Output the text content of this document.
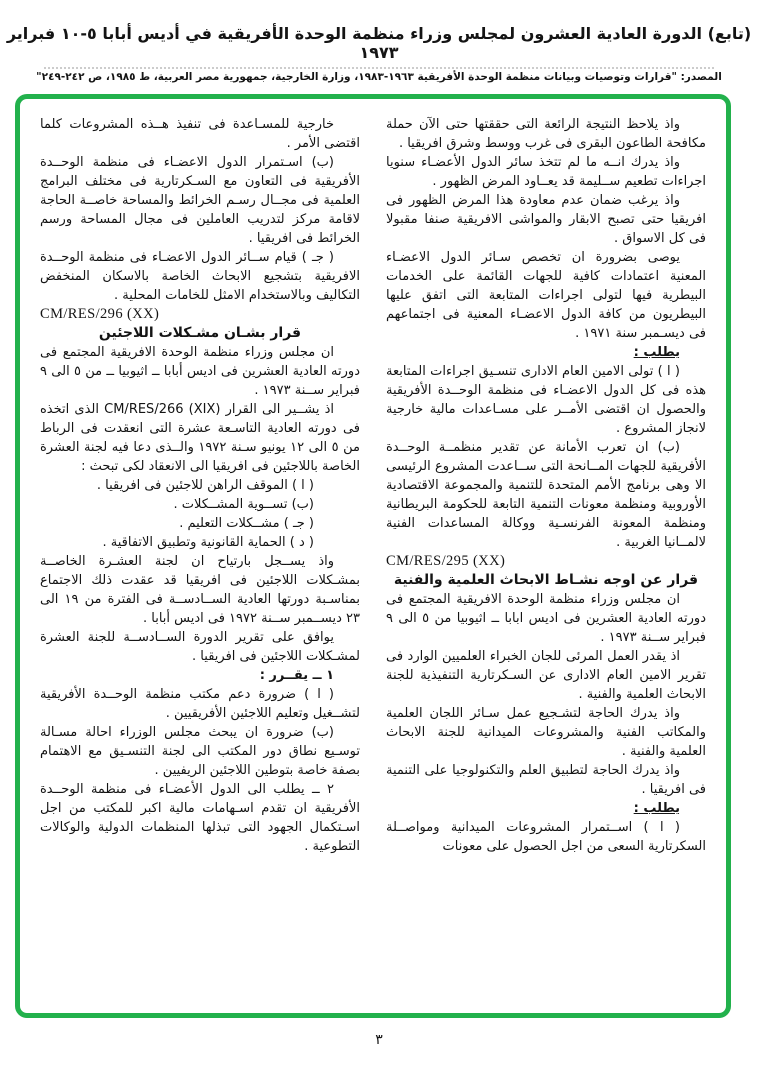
(تابع) الدورة العادية العشرون لمجلس وزراء منظمة الوحدة الأفريقية في أديس أبابا ٥-١٠ فبراير ١٩٧٣
المصدر: "قرارات وتوصيات وبيانات منظمة الوحدة الأفريقية ١٩٦٣-١٩٨٣، وزارة الخارجية، جمهورية مصر العربية، ط ١٩٨٥، ص ٢٤٢-٢٤٩"

واذ يلاحظ النتيجة الرائعة التى حققتها حتى الآن حملة مكافحة الطاعون البقرى فى غرب ووسط وشرق افريقيا .

واذ يدرك انــه ما لم تتخذ سائر الدول الأعضـاء سنويا اجراءات تطعيم ســليمة قد يعــاود المرض الظهور .

واذ يرغب ضمان عدم معاودة هذا المرض الظهور فى افريقيا حتى تصبح الابقار والمواشى الافريقية صنفا مقبولا فى كل الاسواق .

يوصى بضرورة ان تخصص سـائر الدول الاعضـاء المعنية اعتمادات كافية للجهات القائمة على الخدمات البيطرية فيها لتولى اجراءات المتابعة التى اتفق عليها البيطريون من كافة الدول الاعضـاء المعنية فى اجتماعهم فى ديسـمبر سنة ١٩٧١ .

يطلب :

( ا ) تولى الامين العام الادارى تنسـيق اجراءات المتابعة هذه فى كل الدول الاعضـاء فى منظمة الوحــدة الأفريقية والحصول ان اقتضى الأمــر على مسـاعدات مالية خارجية لانجاز المشروع .

(ب) ان تعرب الأمانة عن تقدير منظمــة الوحــدة الأفريقية للجهات المــانحة التى ســاعدت المشروع الرئيسى الا وهى برنامج الأمم المتحدة للتنمية والمجموعة الاقتصادية الأوروبية ومنظمة معونات التنمية التابعة للحكومة البريطانية ومنظمة المعونة الفرنسـية ووكالة المساعدات الفنية لالمــانيا الغربية .

CM/RES/295 (XX)
قرار عن اوجه نشـاط الابحاث العلمية والفنية

ان مجلس وزراء منظمة الوحدة الافريقية المجتمع فى دورته العادية العشرين فى اديس ابابا ــ اثيوبيا من ٥ الى ٩ فبراير ســنة ١٩٧٣ .

اذ يقدر العمل المرئى للجان الخبراء العلميين الوارد فى تقرير الامين العام الادارى عن السـكرتارية التنفيذية للجنة الابحاث العلمية والفنية .

واذ يدرك الحاجة لتشـجيع عمل سـائر اللجان العلمية والمكاتب الفنية والمشروعات الميدانية للجنة الابحاث العلمية والفنية .

واذ يدرك الحاجة لتطبيق العلم والتكنولوجيا على التنمية فى افريقيا .

يطلب :

( ا ) اســتمرار المشروعات الميدانية ومواصــلة السكرتارية السعى من اجل الحصول على معونات

خارجية للمسـاعدة فى تنفيذ هــذه المشروعات كلما اقتضى الأمر .

(ب) اسـتمرار الدول الاعضـاء فى منظمة الوحــدة الأفريقية فى التعاون مع السـكرتارية فى مختلف البرامج العلمية فى مجــال رسـم الخرائط والمساحة خاصــة الحاجة لاقامة مركز لتدريب العاملين فى مجال المساحة ورسم الخرائط فى افريقيا .

( جـ ) قيام ســائر الدول الاعضـاء فى منظمة الوحــدة الافريقية بتشجيع الابحاث الخاصة بالاسكان المنخفض التكاليف وبالاستخدام الامثل للخامات المحلية .

CM/RES/296 (XX)
قرار بشـان مشـكلات اللاجئين

ان مجلس وزراء منظمة الوحدة الافريقية المجتمع فى دورته العادية العشرين فى اديس أبابا ــ اثيوبيا ــ من ٥ الى ٩ فبراير ســنة ١٩٧٣ .

اذ يشــير الى القرار ‎CM/RES/266 (XIX)‎ الذى اتخذه فى دورته العادية التاسـعة عشرة التى انعقدت فى الرباط من ٥ الى ١٢ يونيو سـنة ١٩٧٢ والــذى دعا فيه لجنة العشرة الخاصة باللاجئين فى افريقيا الى الانعقاد لكى تبحث :

( ا ) الموقف الراهن للاجئين فى افريقيا .

(ب) تســوية المشــكلات .

( جـ ) مشــكلات التعليم .

( د ) الحماية القانونية وتطبيق الاتفاقية .

واذ يســجل بارتياح ان لجنة العشـرة الخاصــة بمشـكلات اللاجئين فى افريقيا قد عقدت ذلك الاجتماع بمناسـبة دورتها العادية الســادســة فى الفترة من ١٩ الى ٢٣ ديســمبر ســنة ١٩٧٢ فى اديس أبابا .

يوافق على تقرير الدورة الســادســة للجنة العشرة لمشـكلات اللاجئين فى افريقيا .

١ ــ يقــرر :

( ا ) ضرورة دعم مكتب منظمة الوحــدة الأفريقية لتشــغيل وتعليم اللاجئين الأفريقيين .

(ب) ضرورة ان يبحث مجلس الوزراء احالة مسـالة توسـيع نطاق دور المكتب الى لجنة التنسـيق مع الاهتمام بصفة خاصة بتوطين اللاجئين الريفيين .

٢ ــ يطلب الى الدول الأعضـاء فى منظمة الوحــدة الأفريقية ان تقدم اسـهامات مالية اكبر للمكتب من اجل اسـتكمال الجهود التى تبذلها المنظمات الدولية والوكالات التطوعية .

٣
